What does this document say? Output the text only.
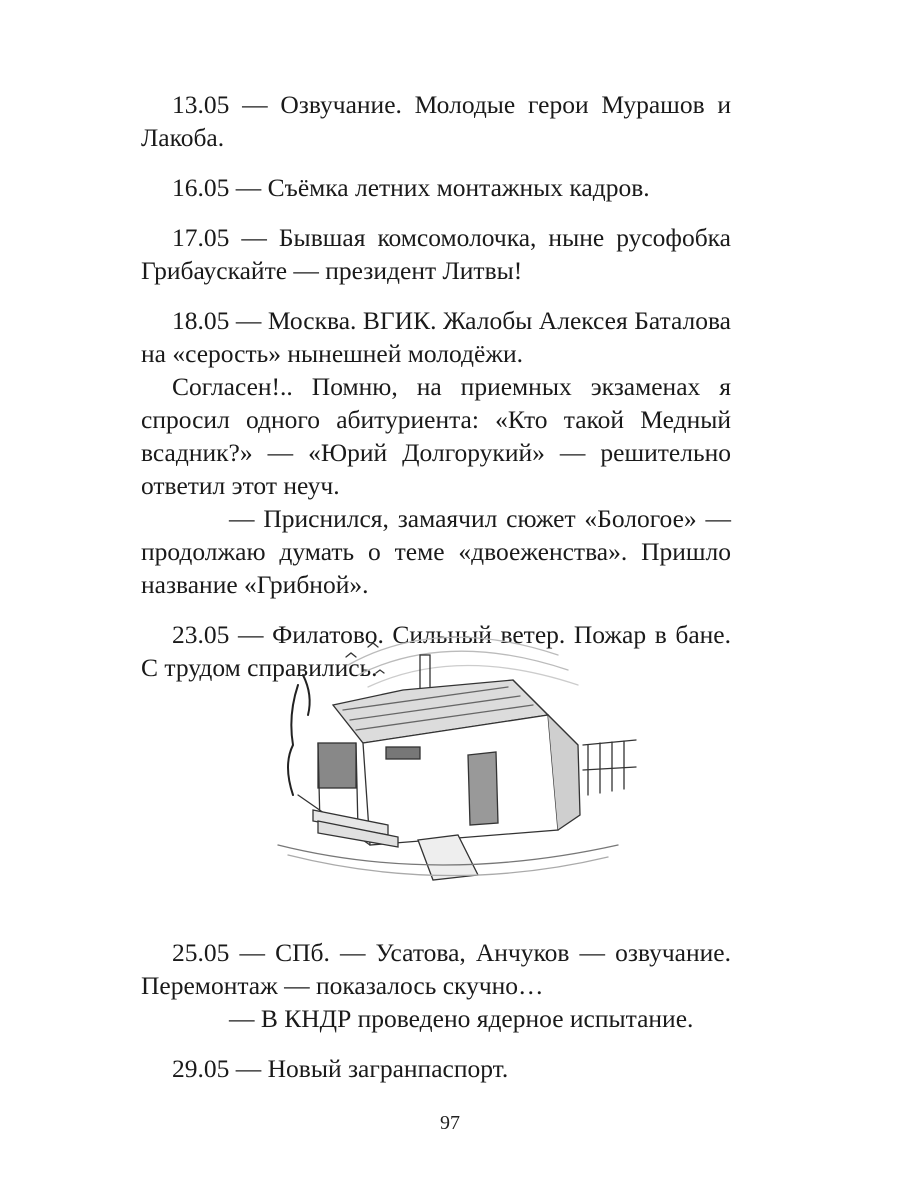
13.05 — Озвучание. Молодые герои Мурашов и Лакоба.

16.05 — Съёмка летних монтажных кадров.

17.05 — Бывшая комсомолочка, ныне русофобка Грибаускайте — президент Литвы!

18.05 — Москва. ВГИК. Жалобы Алексея Баталова на «серость» нынешней молодёжи.

Согласен!.. Помню, на приемных экзаменах я спросил одного абитуриента: «Кто такой Медный всадник?» — «Юрий Долгорукий» — решительно ответил этот неуч.

— Приснился, замаячил сюжет «Бологое» — продолжаю думать о теме «двоеженства». Пришло название «Грибной».

23.05 — Филатово. Сильный ветер. Пожар в бане. С трудом справились.

25.05 — СПб. — Усатова, Анчуков — озвучание. Перемонтаж — показалось скучно…

— В КНДР проведено ядерное испытание.

29.05 — Новый загранпаспорт.

97
